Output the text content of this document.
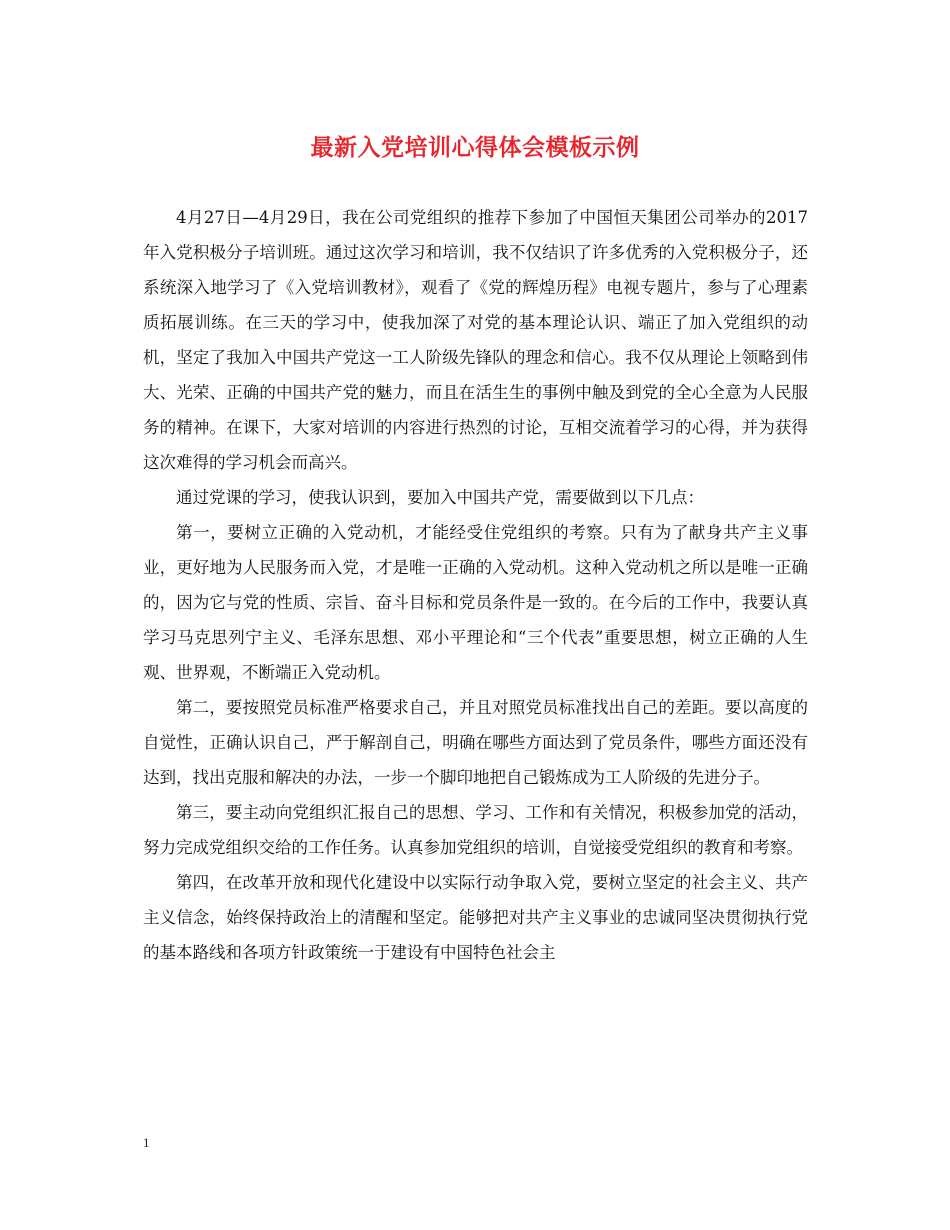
最新入党培训心得体会模板示例

4月27日—4月29日，我在公司党组织的推荐下参加了中国恒天集团公司举办的2017年入党积极分子培训班。通过这次学习和培训，我不仅结识了许多优秀的入党积极分子，还系统深入地学习了《入党培训教材》，观看了《党的辉煌历程》电视专题片，参与了心理素质拓展训练。在三天的学习中，使我加深了对党的基本理论认识、端正了加入党组织的动机，坚定了我加入中国共产党这一工人阶级先锋队的理念和信心。我不仅从理论上领略到伟大、光荣、正确的中国共产党的魅力，而且在活生生的事例中触及到党的全心全意为人民服务的精神。在课下，大家对培训的内容进行热烈的讨论，互相交流着学习的心得，并为获得这次难得的学习机会而高兴。

通过党课的学习，使我认识到，要加入中国共产党，需要做到以下几点：

第一，要树立正确的入党动机，才能经受住党组织的考察。只有为了献身共产主义事业，更好地为人民服务而入党，才是唯一正确的入党动机。这种入党动机之所以是唯一正确的，因为它与党的性质、宗旨、奋斗目标和党员条件是一致的。在今后的工作中，我要认真学习马克思列宁主义、毛泽东思想、邓小平理论和“三个代表”重要思想，树立正确的人生观、世界观，不断端正入党动机。

第二，要按照党员标准严格要求自己，并且对照党员标准找出自己的差距。要以高度的自觉性，正确认识自己，严于解剖自己，明确在哪些方面达到了党员条件，哪些方面还没有达到，找出克服和解决的办法，一步一个脚印地把自己锻炼成为工人阶级的先进分子。

第三，要主动向党组织汇报自己的思想、学习、工作和有关情况，积极参加党的活动，努力完成党组织交给的工作任务。认真参加党组织的培训，自觉接受党组织的教育和考察。

第四，在改革开放和现代化建设中以实际行动争取入党，要树立坚定的社会主义、共产主义信念，始终保持政治上的清醒和坚定。能够把对共产主义事业的忠诚同坚决贯彻执行党的基本路线和各项方针政策统一于建设有中国特色社会主

1
